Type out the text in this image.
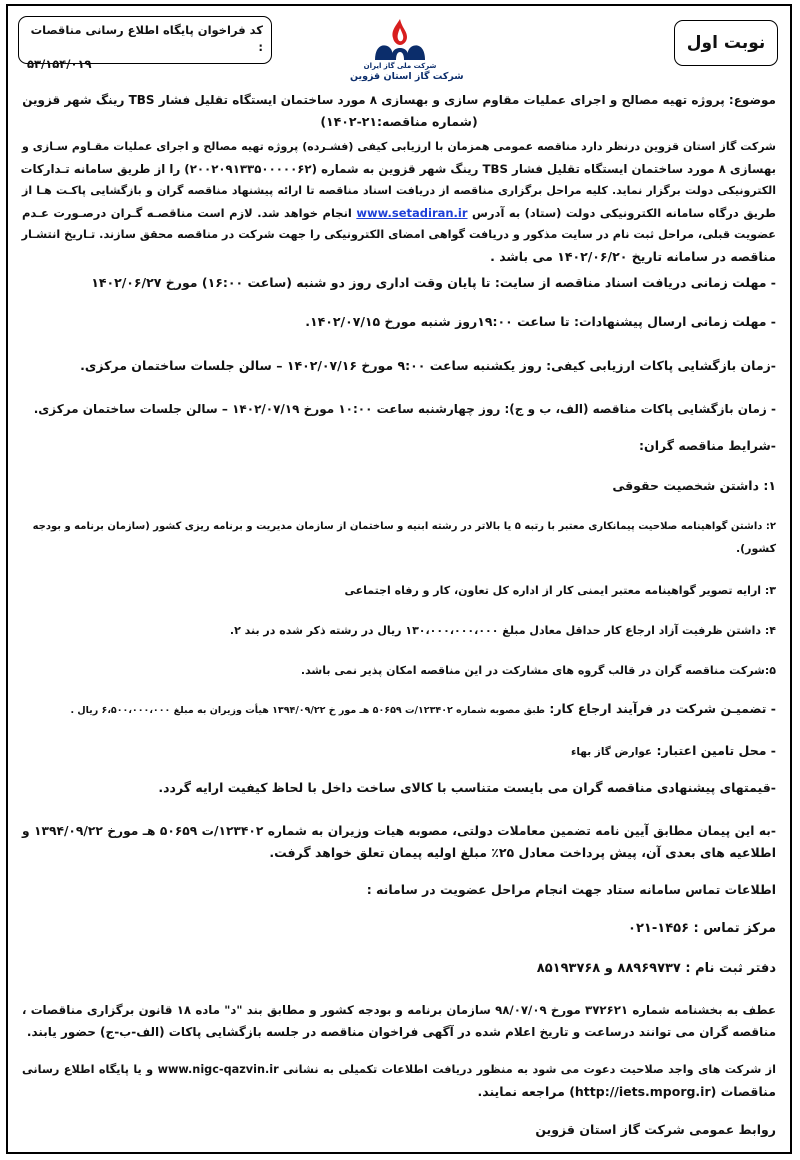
نوبت اول
کد فراخوان پایگاه اطلاع رسانی مناقصات :
۵۳/۱۵۴/۰۱۹	شرکت ملی گاز ایران
شرکت گاز استان قزوین
موضوع: پروژه تهیه مصالح و اجرای عملیات مقاوم سازی و بهسازی ۸ مورد ساختمان ایستگاه تقلیل فشار TBS رینگ شهر قزوین
(شماره مناقصه:۲۱-۱۴۰۲)
شرکت گاز استان قزوین درنظر دارد مناقصه عمومی همزمان با ارزیابی کیفی (فشـرده) پروژه تهیه مصالح و اجرای عملیات مقـاوم سـازی و
بهسازی ۸ مورد ساختمان ایستگاه تقلیل فشار TBS رینگ شهر قزوین به شماره (۲۰۰۲۰۹۱۳۳۵۰۰۰۰۰۶۲) را از طریق سامانه تـدارکات
الکترونیکی دولت برگزار نماید. کلیه مراحل برگزاری مناقصه از دریافت اسناد مناقصه تا ارائه پیشنهاد مناقصه گران و بازگشایی پاکـت هـا از
طریق درگاه سامانه الکترونیکی دولت (ستاد) به آدرس www.setadiran.ir انجام خواهد شد. لازم است مناقصـه گـران درصـورت عـدم
عضویت قبلی، مراحل ثبت نام در سایت مذکور و دریافت گواهی امضای الکترونیکی را جهت شرکت در مناقصه محقق سازند. تـاریخ انتشـار
مناقصه در سامانه تاریخ ۱۴۰۲/۰۶/۲۰ می باشد .
- مهلت زمانی دریافت اسناد مناقصه از سایت: تا پایان وقت اداری روز دو شنبه (ساعت ۱۶:۰۰) مورخ ۱۴۰۲/۰۶/۲۷
- مهلت زمانی ارسال پیشنهادات: تا ساعت ۱۹:۰۰روز شنبه مورخ ۱۴۰۲/۰۷/۱۵.
-زمان بازگشایی پاکات ارزیابی کیفی: روز یکشنبه ساعت ۹:۰۰ مورخ ۱۴۰۲/۰۷/۱۶ – سالن جلسات ساختمان مرکزی.
- زمان بازگشایی پاکات مناقصه (الف، ب و ج): روز چهارشنبه ساعت ۱۰:۰۰ مورخ ۱۴۰۲/۰۷/۱۹ – سالن جلسات ساختمان مرکزی.
-شرایط مناقصه گران:
۱: داشتن شخصیت حقوقی
۲: داشتن گواهینامه صلاحیت پیمانکاری معتبر با رتبه ۵ یا بالاتر در رشته ابنیه و ساختمان از سازمان مدیریت و برنامه ریزی کشور (سازمان برنامه و بودجه
کشور).
۳: ارایه تصویر گواهینامه معتبر ایمنی کار از اداره کل تعاون، کار و رفاه اجتماعی
۴: داشتن ظرفیت آزاد ارجاع کار حداقل معادل مبلغ ۱۳۰،۰۰۰،۰۰۰،۰۰۰ ریال در رشته ذکر شده در بند ۲.
۵:شرکت مناقصه گران در قالب گروه های مشارکت در این مناقصه امکان پذیر نمی باشد.
- تضمیـن شرکت در فرآیند ارجاع کار: طبق مصوبه شماره ۱۲۳۴۰۲/ت ۵۰۶۵۹ هـ مور خ ۱۳۹۴/۰۹/۲۲ هیأت وزیران به مبلغ ۶،۵۰۰،۰۰۰،۰۰۰ ریال .
- محل تامین اعتبار: عوارض گاز بهاء
-قیمتهای پیشنهادی مناقصه گران می بایست متناسب با کالای ساخت داخل با لحاظ کیفیت ارایه گردد.
-به این پیمان مطابق آیین نامه تضمین معاملات دولتی، مصوبه هیات وزیران به شماره ۱۲۳۴۰۲/ت ۵۰۶۵۹ هـ مورخ ۱۳۹۴/۰۹/۲۲ و
اطلاعیه های بعدی آن، پیش پرداخت معادل ۲۵٪ مبلغ اولیه پیمان تعلق خواهد گرفت.
اطلاعات تماس سامانه ستاد جهت انجام مراحل عضویت در سامانه :
مرکز تماس : ۱۴۵۶-۰۲۱
دفتر ثبت نام : ۸۸۹۶۹۷۳۷ و ۸۵۱۹۳۷۶۸
عطف به بخشنامه شماره ۳۷۲۶۲۱ مورخ ۹۸/۰۷/۰۹ سازمان برنامه و بودجه کشور و مطابق بند "د" ماده ۱۸ قانون برگزاری مناقصات ،
مناقصه گران می توانند درساعت و تاریخ اعلام شده در آگهی فراخوان مناقصه در جلسه بازگشایی پاکات (الف-ب-ج) حضور یابند.
از شرکت های واجد صلاحیت دعوت می شود به منظور دریافت اطلاعات تکمیلی به نشانی www.nigc-qazvin.ir و یا پایگاه اطلاع رسانی
مناقصات (http://iets.mporg.ir) مراجعه نمایند.
روابط عمومی شرکت گاز استان قزوین
